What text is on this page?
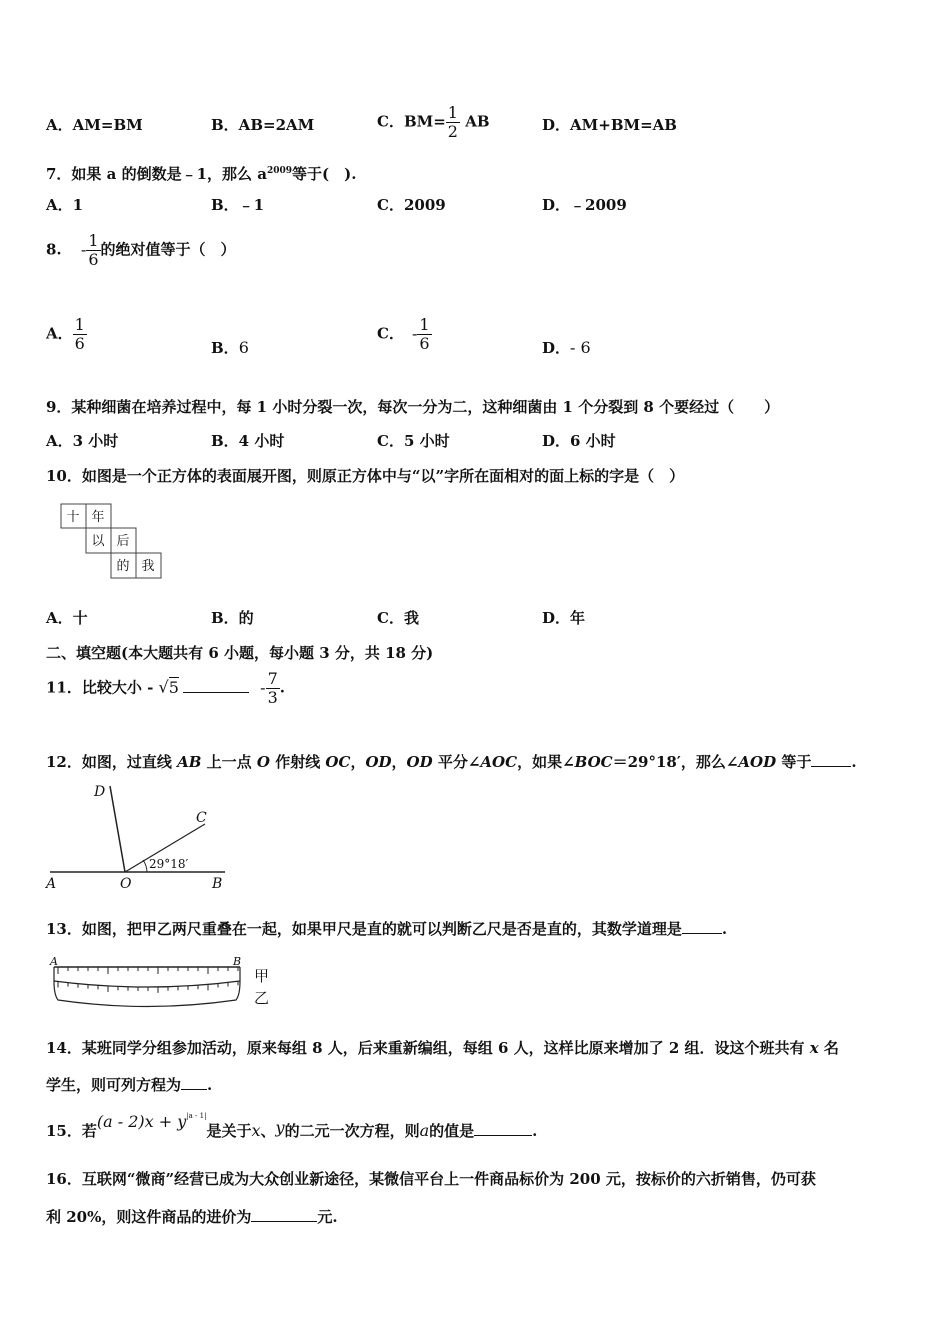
A．AM=BM	B．AB=2AM	C．$BM= \frac{1}{2}$ AB	D．AM+BM=AB
7．如果 a 的倒数是﹣1，那么 $a^{2009}$等于(　).
A．1	B．﹣1	C．2009	D．﹣2009
8. - $\frac{1}{6}$ 的绝对值等于（　）
A． $\frac{1}{6}$	B．6
C． - $\frac{1}{6}$	D．- 6
9．某种细菌在培养过程中，每 1 小时分裂一次，每次一分为二，这种细菌由 1 个分裂到 8 个要经过（　　）
A．3 小时	B．4 小时	C．5 小时	D．6 小时
10．如图是一个正方体的表面展开图，则原正方体中与“以”字所在面相对的面上标的字是（　）
十 年
以 后
的 我
A．十	B．的	C．我	D．年
二、填空题(本大题共有 6 小题，每小题 3 分，共 18 分)
11．比较大小 - √5	- $\frac{7}{3}$ .
12．如图，过直线 AB 上一点 O 作射线 OC，OD，OD 平分∠AOC，如果∠BOC＝29°18′，那么∠AOD 等于	.
D
C
A	O	B
29°18′
13．如图，把甲乙两尺重叠在一起，如果甲尺是直的就可以判断乙尺是否是直的，其数学道理是	.
A	B
甲
乙
14．某班同学分组参加活动，原来每组 8 人，后来重新编组，每组 6 人，这样比原来增加了 2 组．设这个班共有 x 名
学生，则可列方程为 .
15．若$(a - 2)x + y^{|a - 1|}$是关于x、y的二元一次方程，则a的值是	.
16．互联网“微商”经营已成为大众创业新途径，某微信平台上一件商品标价为 200 元，按标价的六折销售，仍可获
利 20%，则这件商品的进价为	元.
